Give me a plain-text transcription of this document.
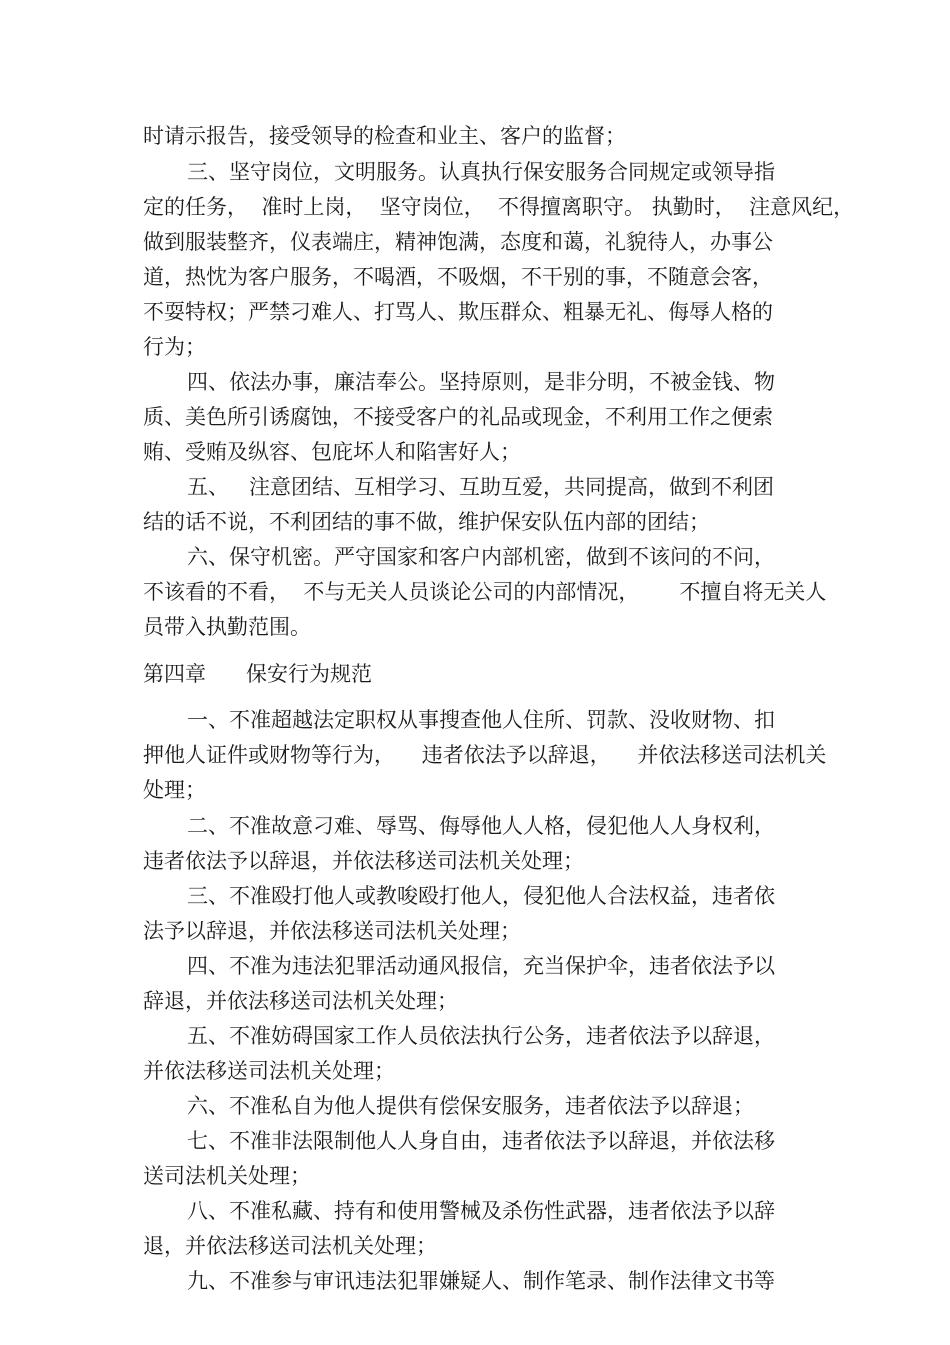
时请示报告，接受领导的检查和业主、客户的监督；
三、坚守岗位，文明服务。认真执行保安服务合同规定或领导指
定的任务，  准时上岗，  坚守岗位，  不得擅离职守。 执勤时，  注意风纪，
做到服装整齐，仪表端庄，精神饱满，态度和蔼，礼貌待人，办事公
道，热忱为客户服务，不喝酒，不吸烟，不干别的事，不随意会客，
不耍特权；严禁刁难人、打骂人、欺压群众、粗暴无礼、侮辱人格的
行为；
四、依法办事，廉洁奉公。坚持原则，是非分明，不被金钱、物
质、美色所引诱腐蚀，不接受客户的礼品或现金，不利用工作之便索
贿、受贿及纵容、包庇坏人和陷害好人；
五、   注意团结、互相学习、互助互爱，共同提高，做到不利团
结的话不说，不利团结的事不做，维护保安队伍内部的团结；
六、保守机密。严守国家和客户内部机密，做到不该问的不问，
不该看的不看，  不与无关人员谈论公司的内部情况，      不擅自将无关人
员带入执勤范围。
第四章      保安行为规范
一、不准超越法定职权从事搜查他人住所、罚款、没收财物、扣
押他人证件或财物等行为，    违者依法予以辞退，    并依法移送司法机关
处理；
二、不准故意刁难、辱骂、侮辱他人人格，侵犯他人人身权利，
违者依法予以辞退，并依法移送司法机关处理；
三、不准殴打他人或教唆殴打他人，侵犯他人合法权益，违者依
法予以辞退，并依法移送司法机关处理；
四、不准为违法犯罪活动通风报信，充当保护伞，违者依法予以
辞退，并依法移送司法机关处理；
五、不准妨碍国家工作人员依法执行公务，违者依法予以辞退，
并依法移送司法机关处理；
六、不准私自为他人提供有偿保安服务，违者依法予以辞退；
七、不准非法限制他人人身自由，违者依法予以辞退，并依法移
送司法机关处理；
八、不准私藏、持有和使用警械及杀伤性武器，违者依法予以辞
退，并依法移送司法机关处理；
九、不准参与审讯违法犯罪嫌疑人、制作笔录、制作法律文书等
